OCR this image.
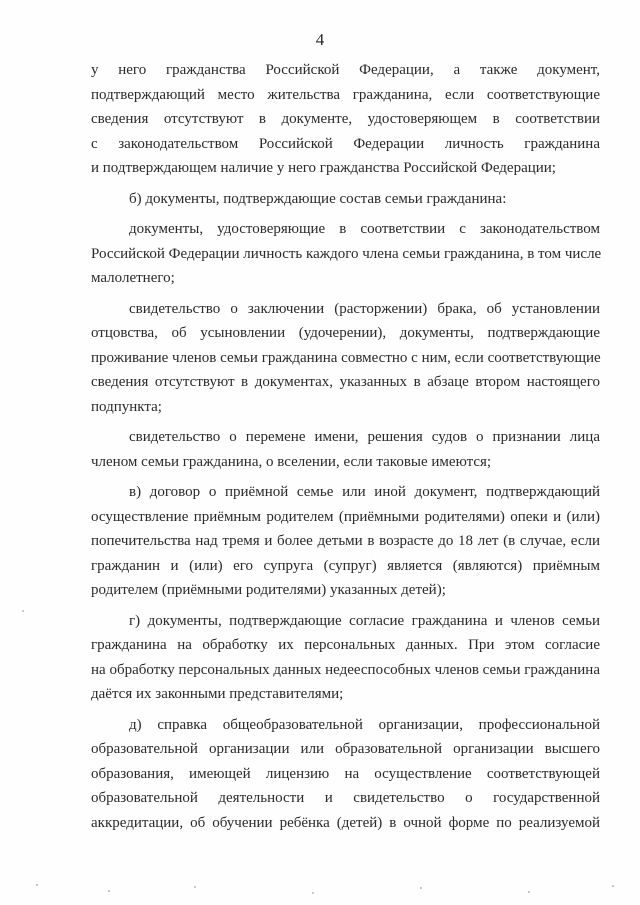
4
у него гражданства Российской Федерации, а также документ,
подтверждающий место жительства гражданина, если соответствующие
сведения отсутствуют в документе, удостоверяющем в соответствии
с законодательством Российской Федерации личность гражданина
и подтверждающем наличие у него гражданства Российской Федерации;
б) документы, подтверждающие состав семьи гражданина:
документы, удостоверяющие в соответствии с законодательством
Российской Федерации личность каждого члена семьи гражданина, в том числе
малолетнего;
свидетельство о заключении (расторжении) брака, об установлении
отцовства, об усыновлении (удочерении), документы, подтверждающие
проживание членов семьи гражданина совместно с ним, если соответствующие
сведения отсутствуют в документах, указанных в абзаце втором настоящего
подпункта;
свидетельство о перемене имени, решения судов о признании лица
членом семьи гражданина, о вселении, если таковые имеются;
в) договор о приёмной семье или иной документ, подтверждающий
осуществление приёмным родителем (приёмными родителями) опеки и (или)
попечительства над тремя и более детьми в возрасте до 18 лет (в случае, если
гражданин и (или) его супруга (супруг) является (являются) приёмным
родителем (приёмными родителями) указанных детей);
г) документы, подтверждающие согласие гражданина и членов семьи
гражданина на обработку их персональных данных. При этом согласие
на обработку персональных данных недееспособных членов семьи гражданина
даётся их законными представителями;
д) справка общеобразовательной организации, профессиональной
образовательной организации или образовательной организации высшего
образования, имеющей лицензию на осуществление соответствующей
образовательной деятельности и свидетельство о государственной
аккредитации, об обучении ребёнка (детей) в очной форме по реализуемой
